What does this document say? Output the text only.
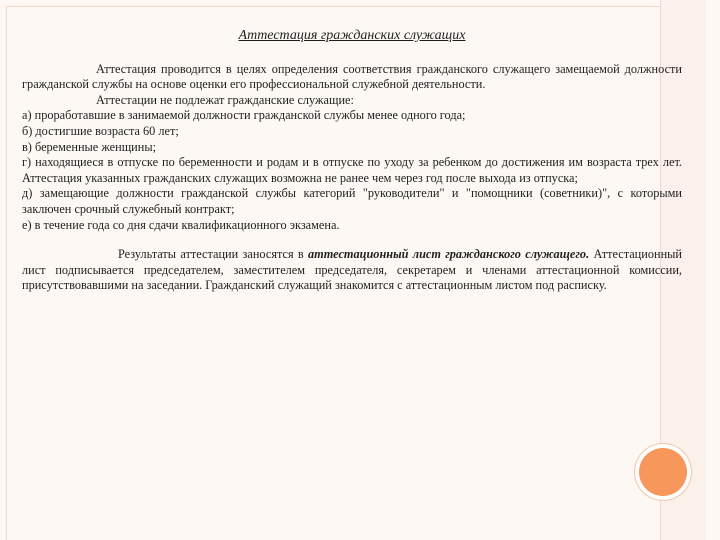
Аттестация гражданских служащих

Аттестация проводится в целях определения соответствия гражданского служащего замещаемой должности гражданской службы на основе оценки его профессиональной служебной деятельности.

Аттестации не подлежат гражданские служащие:

а) проработавшие в занимаемой должности гражданской службы менее одного года;

б) достигшие возраста 60 лет;

в) беременные женщины;

г) находящиеся в отпуске по беременности и родам и в отпуске по уходу за ребенком до достижения им возраста трех лет. Аттестация указанных гражданских служащих возможна не ранее чем через год после выхода из отпуска;

д) замещающие должности гражданской службы категорий "руководители" и "помощники (советники)", с которыми заключен срочный служебный контракт;

е) в течение года со дня сдачи квалификационного экзамена.

Результаты аттестации заносятся в аттестационный лист гражданского служащего. Аттестационный лист подписывается председателем, заместителем председателя, секретарем и членами аттестационной комиссии, присутствовавшими на заседании. Гражданский служащий знакомится с аттестационным листом под расписку.
